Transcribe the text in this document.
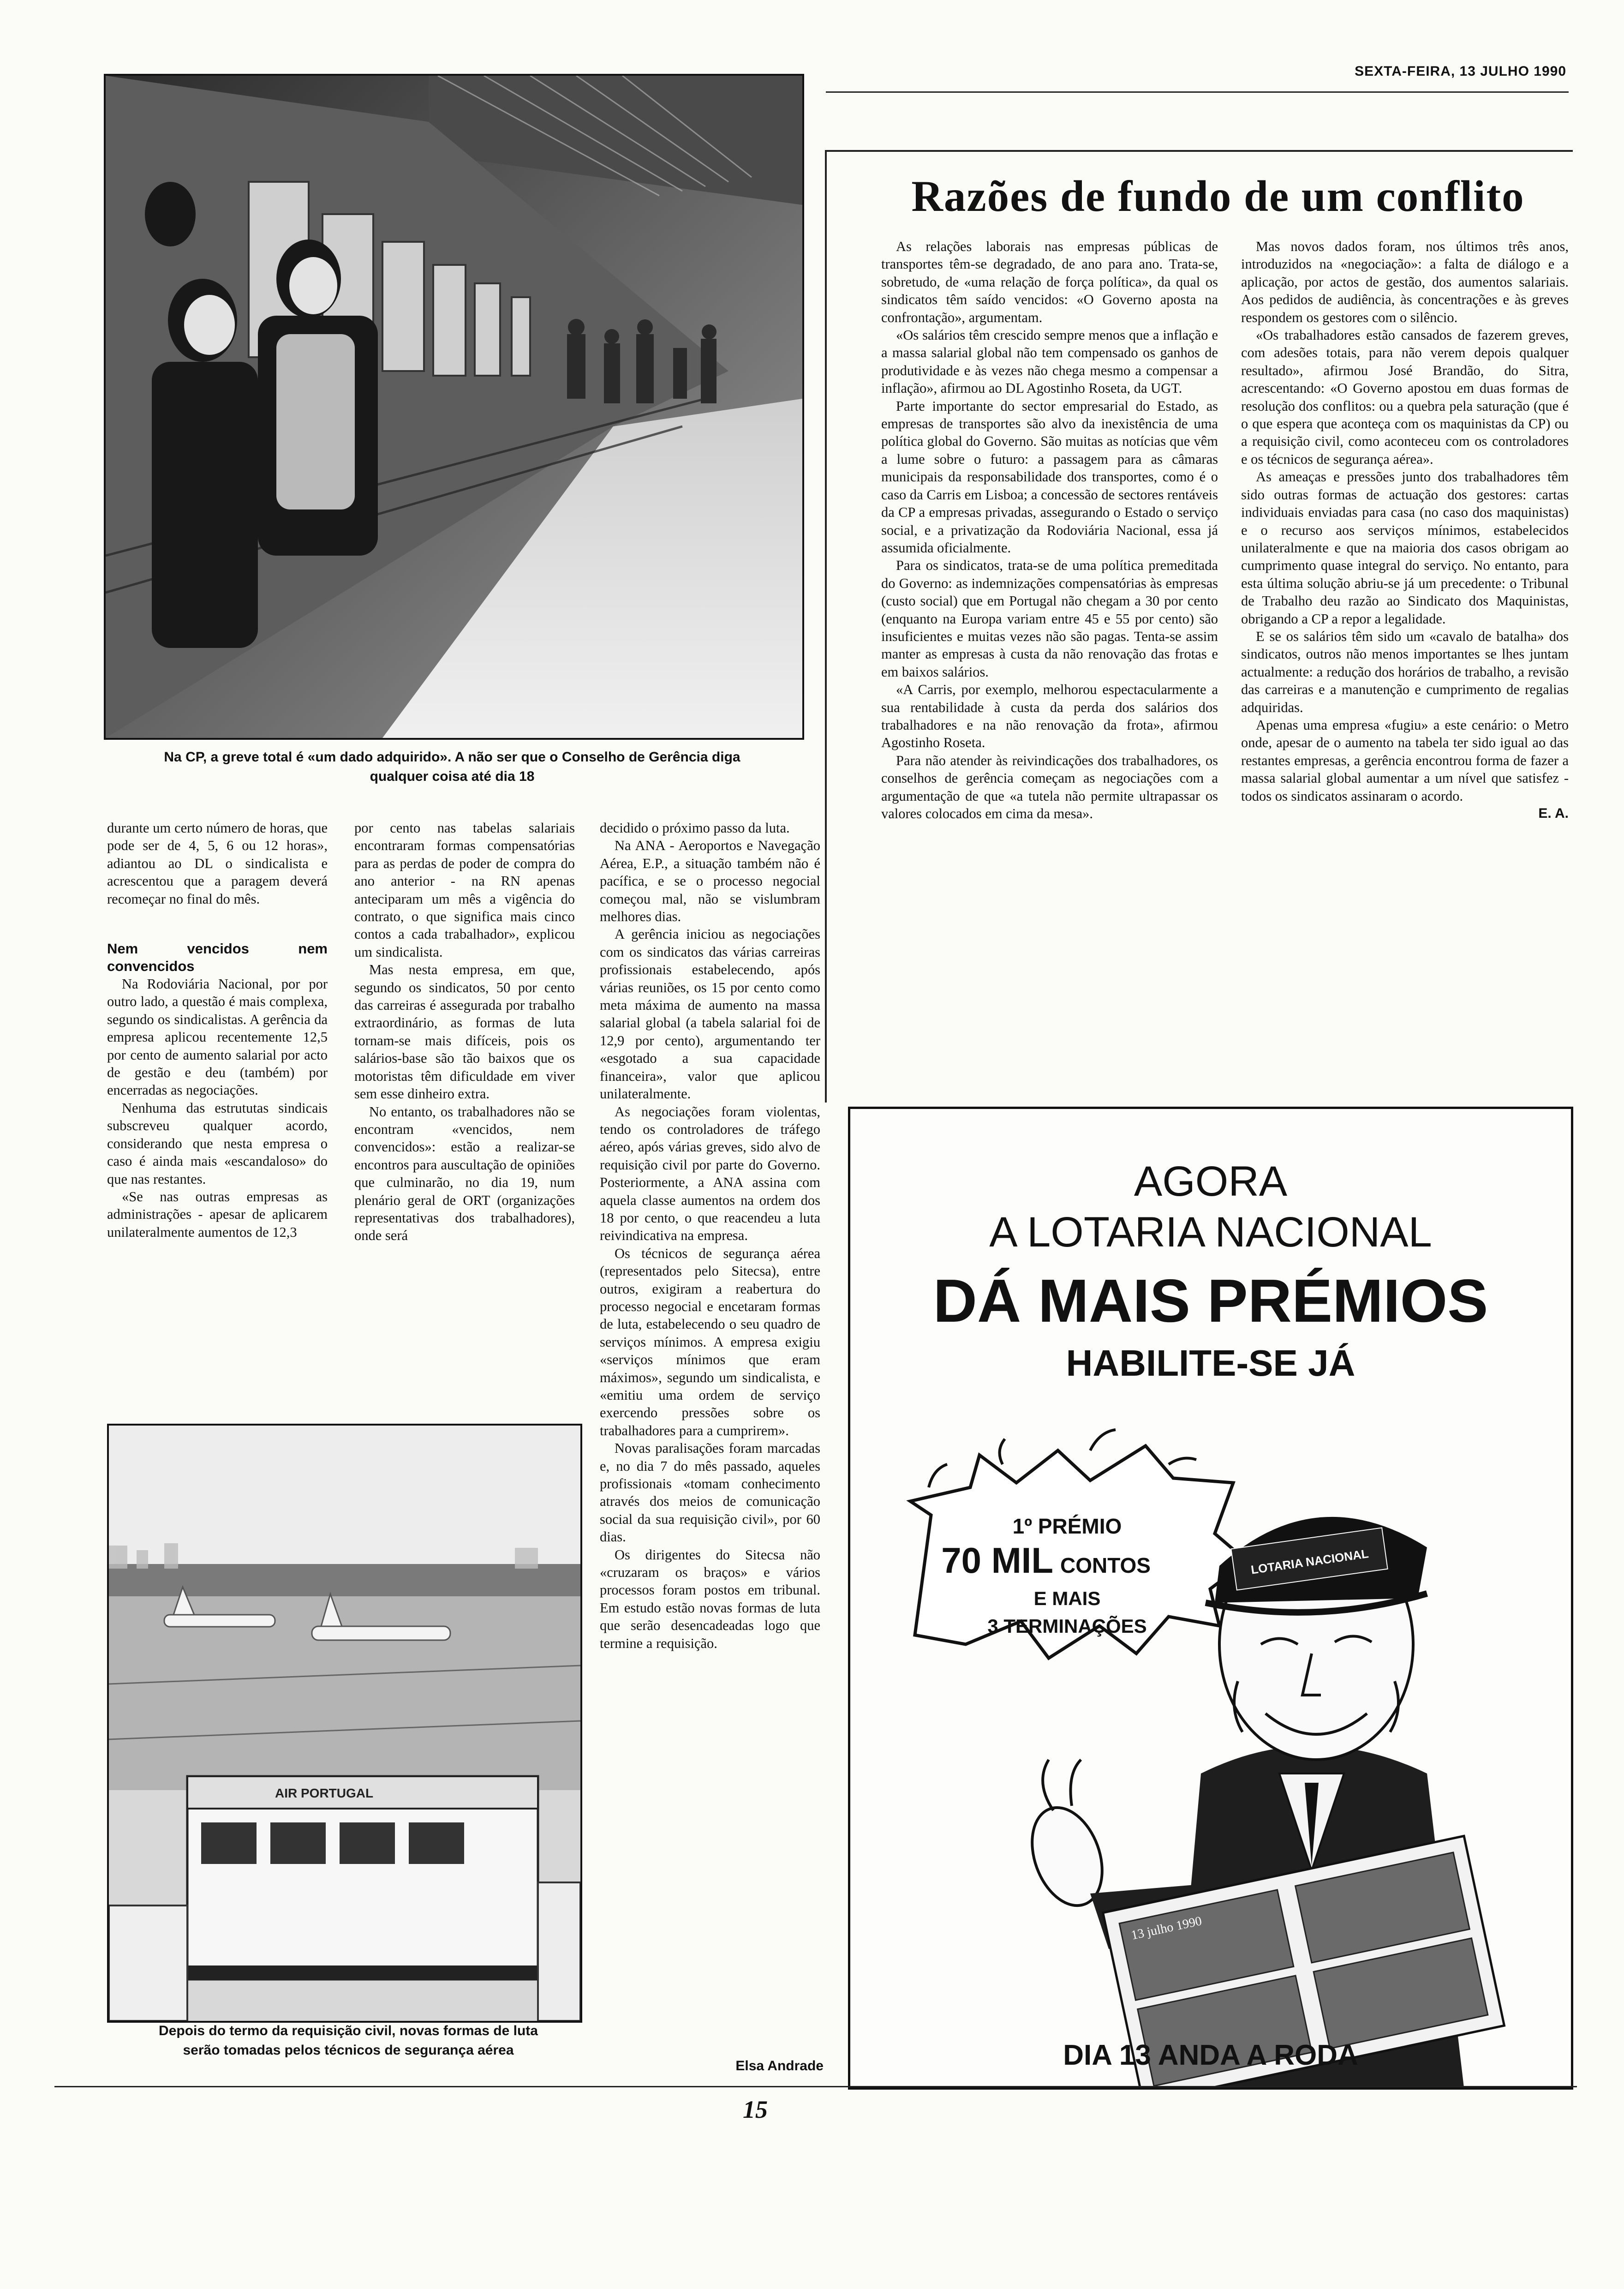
SEXTA-FEIRA, 13 JULHO 1990
Na CP, a greve total é «um dado adquirido». A não ser que o Conselho de Gerência diga qualquer coisa até dia 18

durante um certo número de horas, que pode ser de 4, 5, 6 ou 12 horas», adiantou ao DL o sindicalista e acrescentou que a paragem deverá recomeçar no final do mês.

Nem vencidos nem convencidos

Na Rodoviária Nacional, por por outro lado, a questão é mais complexa, segundo os sindicalistas. A gerência da empresa aplicou recentemente 12,5 por cento de aumento salarial por acto de gestão e deu (também) por encerradas as negociações.

Nenhuma das estrututas sindicais subscreveu qualquer acordo, considerando que nesta empresa o caso é ainda mais «escandaloso» do que nas restantes.

«Se nas outras empresas as administrações - apesar de aplicarem unilateralmente aumentos de 12,3

por cento nas tabelas salariais encontraram formas compensatórias para as perdas de poder de compra do ano anterior - na RN apenas anteciparam um mês a vigência do contrato, o que significa mais cinco contos a cada trabalhador», explicou um sindicalista.

Mas nesta empresa, em que, segundo os sindicatos, 50 por cento das carreiras é assegurada por trabalho extraordinário, as formas de luta tornam-se mais difíceis, pois os salários-base são tão baixos que os motoristas têm dificuldade em viver sem esse dinheiro extra.

No entanto, os trabalhadores não se encontram «vencidos, nem convencidos»: estão a realizar-se encontros para auscultação de opiniões que culminarão, no dia 19, num plenário geral de ORT (organizações representativas dos trabalhadores), onde será

decidido o próximo passo da luta.

Na ANA - Aeroportos e Navegação Aérea, E.P., a situação também não é pacífica, e se o processo negocial começou mal, não se vislumbram melhores dias.

A gerência iniciou as negociações com os sindicatos das várias carreiras profissionais estabelecendo, após várias reuniões, os 15 por cento como meta máxima de aumento na massa salarial global (a tabela salarial foi de 12,9 por cento), argumentando ter «esgotado a sua capacidade financeira», valor que aplicou unilateralmente.

As negociações foram violentas, tendo os controladores de tráfego aéreo, após várias greves, sido alvo de requisição civil por parte do Governo. Posteriormente, a ANA assina com aquela classe aumentos na ordem dos 18 por cento, o que reacendeu a luta reivindicativa na empresa.

Os técnicos de segurança aérea (representados pelo Sitecsa), entre outros, exigiram a reabertura do processo negocial e encetaram formas de luta, estabelecendo o seu quadro de serviços mínimos. A empresa exigiu «serviços mínimos que eram máximos», segundo um sindicalista, e «emitiu uma ordem de serviço exercendo pressões sobre os trabalhadores para a cumprirem».

Novas paralisações foram marcadas e, no dia 7 do mês passado, aqueles profissionais «tomam conhecimento através dos meios de comunicação social da sua requisição civil», por 60 dias.

Os dirigentes do Sitecsa não «cruzaram os braços» e vários processos foram postos em tribunal. Em estudo estão novas formas de luta que serão desencadeadas logo que termine a requisição.

Elsa Andrade
AIR PORTUGAL
Depois do termo da requisição civil, novas formas de luta serão tomadas pelos técnicos de segurança aérea
Razões de fundo de um conflito

As relações laborais nas empresas públicas de transportes têm-se degradado, de ano para ano. Trata-se, sobretudo, de «uma relação de força política», da qual os sindicatos têm saído vencidos: «O Governo aposta na confrontação», argumentam.

«Os salários têm crescido sempre menos que a inflação e a massa salarial global não tem compensado os ganhos de produtividade e às vezes não chega mesmo a compensar a inflação», afirmou ao DL Agostinho Roseta, da UGT.

Parte importante do sector empresarial do Estado, as empresas de transportes são alvo da inexistência de uma política global do Governo. São muitas as notícias que vêm a lume sobre o futuro: a passagem para as câmaras municipais da responsabilidade dos transportes, como é o caso da Carris em Lisboa; a concessão de sectores rentáveis da CP a empresas privadas, assegurando o Estado o serviço social, e a privatização da Rodoviária Nacional, essa já assumida oficialmente.

Para os sindicatos, trata-se de uma política premeditada do Governo: as indemnizações compensatórias às empresas (custo social) que em Portugal não chegam a 30 por cento (enquanto na Europa variam entre 45 e 55 por cento) são insuficientes e muitas vezes não são pagas. Tenta-se assim manter as empresas à custa da não renovação das frotas e em baixos salários.

«A Carris, por exemplo, melhorou espectacularmente a sua rentabilidade à custa da perda dos salários dos trabalhadores e na não renovação da frota», afirmou Agostinho Roseta.

Para não atender às reivindicações dos trabalhadores, os conselhos de gerência começam as negociações com a argumentação de que «a tutela não permite ultrapassar os valores colocados em cima da mesa».

Mas novos dados foram, nos últimos três anos, introduzidos na «negociação»: a falta de diálogo e a aplicação, por actos de gestão, dos aumentos salariais. Aos pedidos de audiência, às concentrações e às greves respondem os gestores com o silêncio.

«Os trabalhadores estão cansados de fazerem greves, com adesões totais, para não verem depois qualquer resultado», afirmou José Brandão, do Sitra, acrescentando: «O Governo apostou em duas formas de resolução dos conflitos: ou a quebra pela saturação (que é o que espera que aconteça com os maquinistas da CP) ou a requisição civil, como aconteceu com os controladores e os técnicos de segurança aérea».

As ameaças e pressões junto dos trabalhadores têm sido outras formas de actuação dos gestores: cartas individuais enviadas para casa (no caso dos maquinistas) e o recurso aos serviços mínimos, estabelecidos unilateralmente e que na maioria dos casos obrigam ao cumprimento quase integral do serviço. No entanto, para esta última solução abriu-se já um precedente: o Tribunal de Trabalho deu razão ao Sindicato dos Maquinistas, obrigando a CP a repor a legalidade.

E se os salários têm sido um «cavalo de batalha» dos sindicatos, outros não menos importantes se lhes juntam actualmente: a redução dos horários de trabalho, a revisão das carreiras e a manutenção e cumprimento de regalias adquiridas.

Apenas uma empresa «fugiu» a este cenário: o Metro onde, apesar de o aumento na tabela ter sido igual ao das restantes empresas, a gerência encontrou forma de fazer a massa salarial global aumentar a um nível que satisfez - todos os sindicatos assinaram o acordo.

E. A.
AGORA
A LOTARIA NACIONAL
DÁ MAIS PRÉMIOS
HABILITE-SE JÁ
1º PRÉMIO
70 MIL CONTOS
E MAIS
3 TERMINAÇÕES
LOTARIA NACIONAL
13 julho 1990
DIA 13 ANDA A RODA
15
